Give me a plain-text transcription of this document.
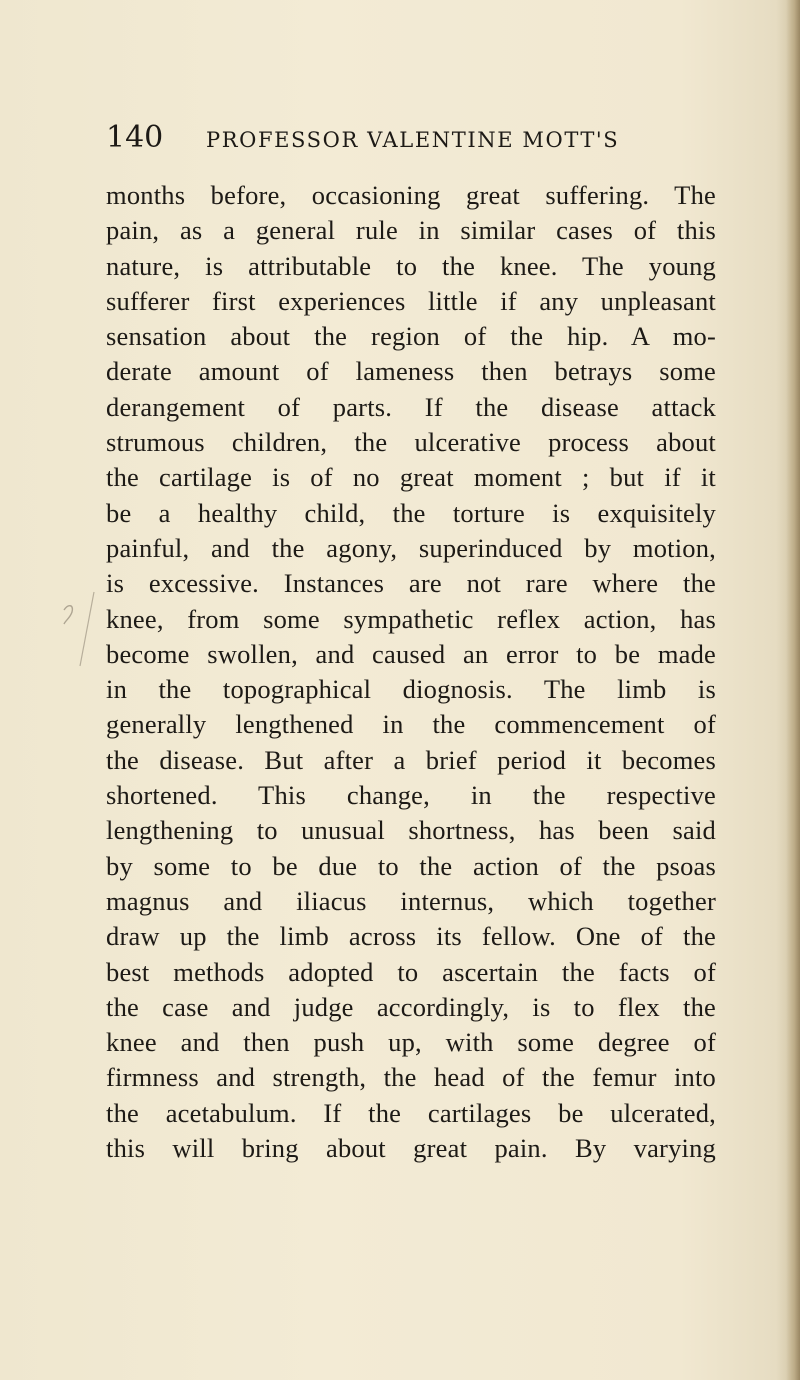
140 PROFESSOR VALENTINE MOTT'S
months before, occasioning great suffering. The
pain, as a general rule in similar cases of this
nature, is attributable to the knee. The young
sufferer first experiences little if any unpleasant
sensation about the region of the hip. A mo-
derate amount of lameness then betrays some
derangement of parts. If the disease attack
strumous children, the ulcerative process about
the cartilage is of no great moment ; but if it
be a healthy child, the torture is exquisitely
painful, and the agony, superinduced by motion,
is excessive. Instances are not rare where the
knee, from some sympathetic reflex action, has
become swollen, and caused an error to be made
in the topographical diognosis. The limb is
generally lengthened in the commencement of
the disease. But after a brief period it becomes
shortened. This change, in the respective
lengthening to unusual shortness, has been said
by some to be due to the action of the psoas
magnus and iliacus internus, which together
draw up the limb across its fellow. One of the
best methods adopted to ascertain the facts of
the case and judge accordingly, is to flex the
knee and then push up, with some degree of
firmness and strength, the head of the femur into
the acetabulum. If the cartilages be ulcerated,
this will bring about great pain. By varying
